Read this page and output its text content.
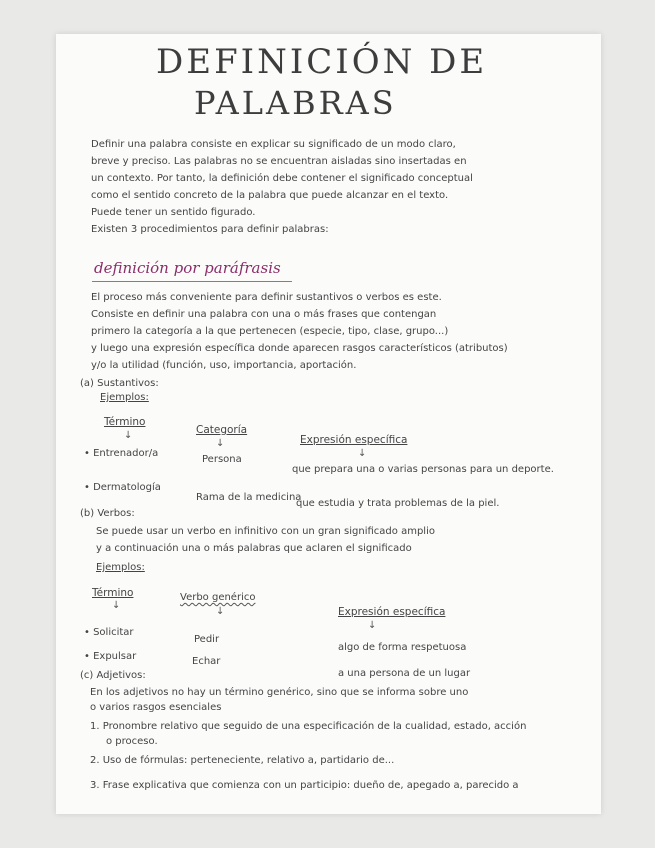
DEFINICIÓN DE
PALABRAS
Definir una palabra consiste en explicar su significado de un modo claro,
breve y preciso. Las palabras no se encuentran aisladas sino insertadas en
un contexto. Por tanto, la definición debe contener el significado conceptual
como el sentido concreto de la palabra que puede alcanzar en el texto.
Puede tener un sentido figurado.
Existen 3 procedimientos para definir palabras:
definición por paráfrasis
El proceso más conveniente para definir sustantivos o verbos es este.
Consiste en definir una palabra con una o más frases que contengan
primero la categoría a la que pertenecen (especie, tipo, clase, grupo...)
y luego una expresión específica donde aparecen rasgos característicos (atributos)
y/o la utilidad (función, uso, importancia, aportación.
(a) Sustantivos:
Ejemplos:
Término
Categoría
Expresión específica
↓
↓
↓
• Entrenador/a
Persona
que prepara una o varias personas para un deporte.
• Dermatología
Rama de la medicina
que estudia y trata problemas de la piel.
(b) Verbos:
Se puede usar un verbo en infinitivo con un gran significado amplio
y a continuación una o más palabras que aclaren el significado
Ejemplos:
Término	Verbo genérico
Expresión específica
↓
↓
↓
• Solicitar
Pedir
algo de forma respetuosa
• Expulsar	Echar
a una persona de un lugar
(c) Adjetivos:
En los adjetivos no hay un término genérico, sino que se informa sobre uno
o varios rasgos esenciales
1. Pronombre relativo que seguido de una especificación de la cualidad, estado, acción
o proceso.
2. Uso de fórmulas: perteneciente, relativo a, partidario de...
3. Frase explicativa que comienza con un participio: dueño de, apegado a, parecido a
